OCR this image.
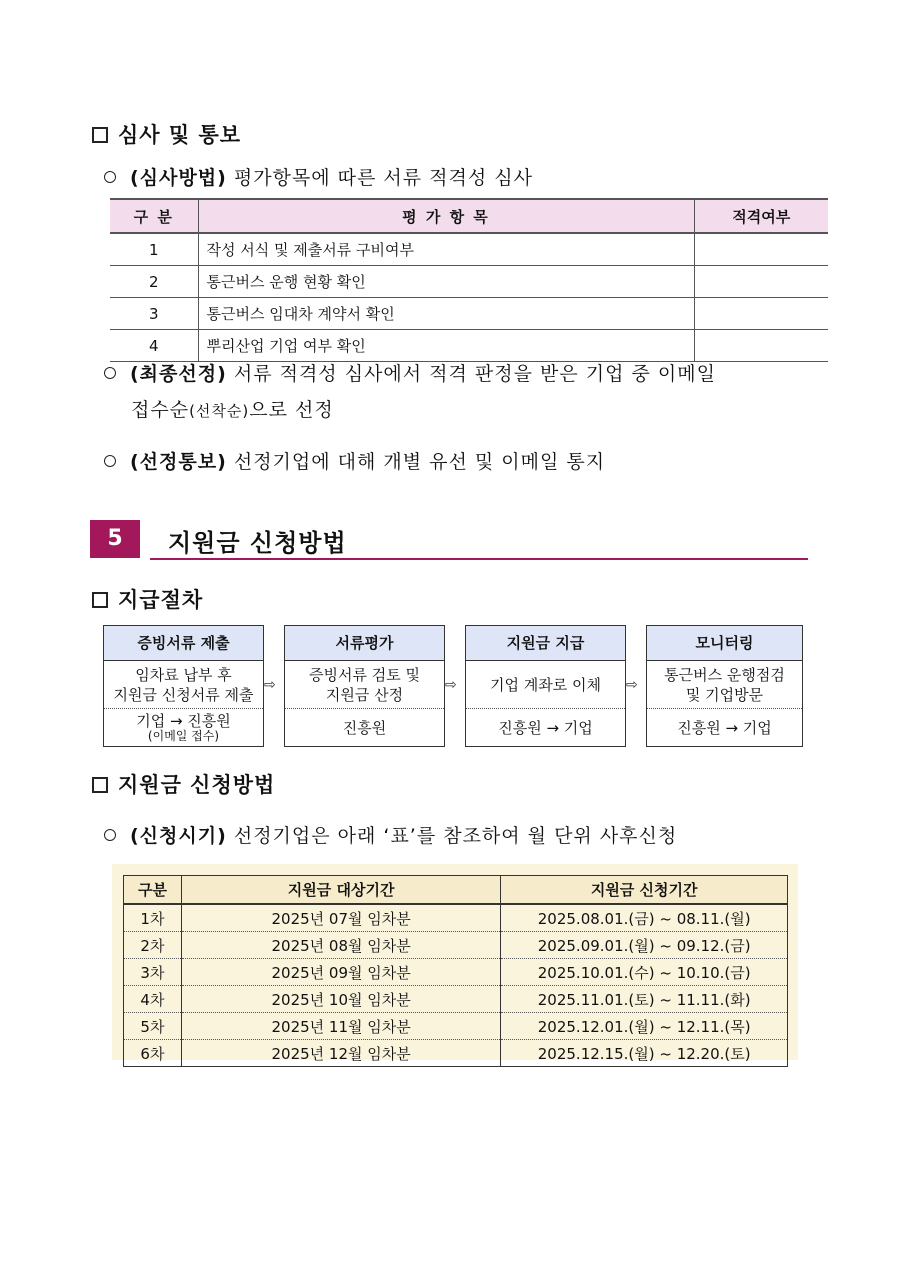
심사 및 통보
(심사방법) 평가항목에 따른 서류 적격성 심사
구 분	평 가 항 목	적격여부
1	작성 서식 및 제출서류 구비여부	
2	통근버스 운행 현황 확인	
3	통근버스 임대차 계약서 확인	
4	뿌리산업 기업 여부 확인	
(최종선정) 서류 적격성 심사에서 적격 판정을 받은 기업 중 이메일
접수순(선착순)으로 선정
(선정통보) 선정기업에 대해 개별 유선 및 이메일 통지
5	지원금 신청방법
지급절차
증빙서류 제출
임차료 납부 후
지원금 신청서류 제출
기업 → 진흥원
(이메일 접수)
⇨
서류평가
증빙서류 검토 및
지원금 산정
진흥원
⇨
지원금 지급
기업 계좌로 이체
진흥원 → 기업
⇨
모니터링
통근버스 운행점검
및 기업방문
진흥원 → 기업
지원금 신청방법
(신청시기) 선정기업은 아래 ‘표’를 참조하여 월 단위 사후신청
구분	지원금 대상기간	지원금 신청기간
1차	2025년 07월 임차분	2025.08.01.(금) ~ 08.11.(월)
2차	2025년 08월 임차분	2025.09.01.(월) ~ 09.12.(금)
3차	2025년 09월 임차분	2025.10.01.(수) ~ 10.10.(금)
4차	2025년 10월 임차분	2025.11.01.(토) ~ 11.11.(화)
5차	2025년 11월 임차분	2025.12.01.(월) ~ 12.11.(목)
6차	2025년 12월 임차분	2025.12.15.(월) ~ 12.20.(토)
